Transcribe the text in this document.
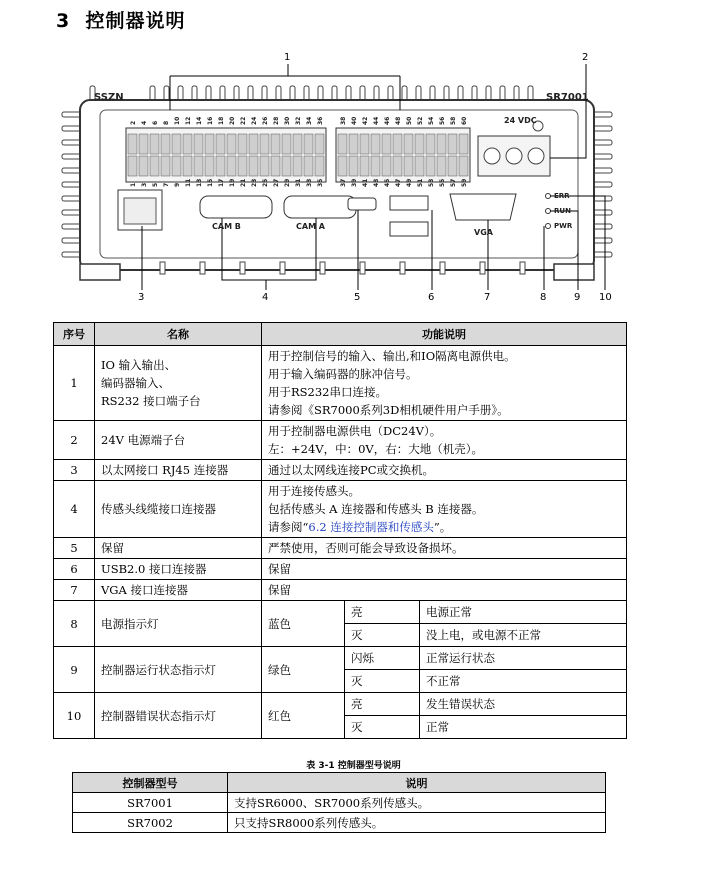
3 控制器说明
SSZN	SR7001
24 VDC
CAM B	CAM A
VGA
ERR
RUN
PWR
2 4 6 8 10 12 14 16 18 20 22 24 26 28 30 32 34 36	38 40 42 44 46 48 50 52 54 56 58 60
1 3 5 7 9 11 13 15 17 19 21 23 25 27 29 31 33 35	37 39 41 43 45 47 49 51 53 55 57 59
1	2
3	4	5	6	7	8	9 10
序号	名称	功能说明		
1	IO 输入输出、
编码器输入、
RS232 接口端子台	用于控制信号的输入、输出,和IO隔离电源供电。
用于输入编码器的脉冲信号。
用于RS232串口连接。
请参阅《SR7000系列3D相机硬件用户手册》。		
2	24V 电源端子台	用于控制器电源供电（DC24V）。
左：+24V，中：0V，右：大地（机壳）。		
3	以太网接口 RJ45 连接器	通过以太网线连接PC或交换机。		
4	传感头线缆接口连接器	用于连接传感头。
包括传感头 A 连接器和传感头 B 连接器。
请参阅“6.2 连接控制器和传感头”。		
5	保留	严禁使用，否则可能会导致设备损坏。		
6	USB2.0 接口连接器	保留		
7	VGA 接口连接器	保留		
8	电源指示灯	蓝色	亮	电源正常
			灭	没上电，或电源不正常
9	控制器运行状态指示灯	绿色	闪烁	正常运行状态
			灭	不正常
10	控制器错误状态指示灯	红色	亮	发生错误状态
			灭	正常
表 3-1 控制器型号说明
控制器型号	说明
SR7001	支持SR6000、SR7000系列传感头。
SR7002	只支持SR8000系列传感头。
